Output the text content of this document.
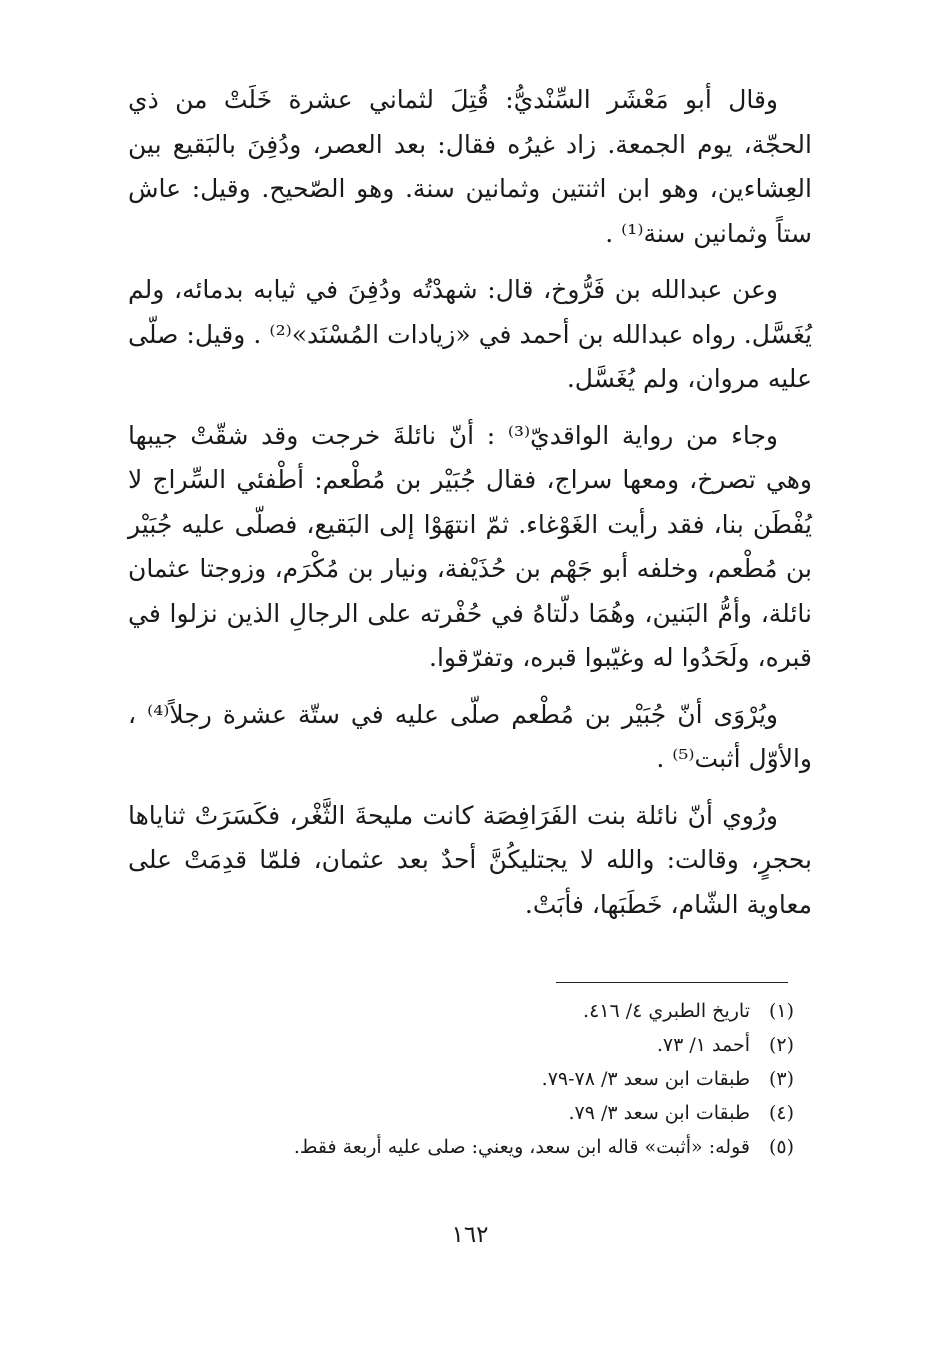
وقال أبو مَعْشَر السِّنْديُّ: قُتِلَ لثماني عشرة خَلَتْ من ذي الحجّة، يوم الجمعة. زاد غيرُه فقال: بعد العصر، ودُفِنَ بالبَقيع بين العِشاءين، وهو ابن اثنتين وثمانين سنة. وهو الصّحيح. وقيل: عاش ستاً وثمانين سنة⁽¹⁾ .

وعن عبدالله بن فَرُّوخ، قال: شهدْتُه ودُفِنَ في ثيابه بدمائه، ولم يُغَسَّل. رواه عبدالله بن أحمد في «زيادات المُسْنَد»⁽²⁾ . وقيل: صلّى عليه مروان، ولم يُغَسَّل.

وجاء من رواية الواقديّ⁽³⁾ : أنّ نائلةَ خرجت وقد شقّتْ جيبها وهي تصرخ، ومعها سراج، فقال جُبَيْر بن مُطْعم: أطْفئي السِّراج لا يُفْطَن بنا، فقد رأيت الغَوْغاء. ثمّ انتهَوْا إلى البَقيع، فصلّى عليه جُبَيْر بن مُطْعم، وخلفه أبو جَهْم بن حُذَيْفة، ونيار بن مُكْرَم، وزوجتا عثمان نائلة، وأمُّ البَنين، وهُمَا دلّتاهُ في حُفْرته على الرجالِ الذين نزلوا في قبره، ولَحَدُوا له وغيّبوا قبره، وتفرّقوا.

ويُرْوَى أنّ جُبَيْر بن مُطْعم صلّى عليه في ستّة عشرة رجلاً⁽⁴⁾ ، والأوّل أثبت⁽⁵⁾ .

ورُوي أنّ نائلة بنت الفَرَافِصَة كانت مليحةَ الثَّغْر، فكَسَرَتْ ثناياها بحجرٍ، وقالت: والله لا يجتليكُنَّ أحدٌ بعد عثمان، فلمّا قدِمَتْ على معاوية الشّام، خَطَبَها، فأبَتْ.

(١)
تاريخ الطبري ٤/ ٤١٦.
(٢)
أحمد ١/ ٧٣.
(٣)
طبقات ابن سعد ٣/ ٧٨-٧٩.
(٤)
طبقات ابن سعد ٣/ ٧٩.
(٥)
قوله: «أثبت» قاله ابن سعد، ويعني: صلى عليه أربعة فقط.
١٦٢
